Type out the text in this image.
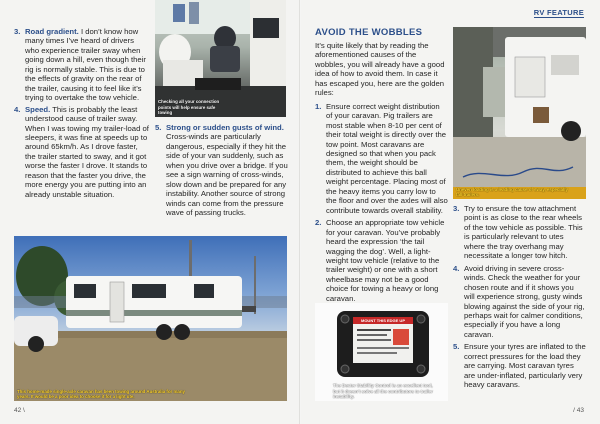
3. Road gradient. I don’t know how many times I’ve heard of drivers who experience trailer sway when going down a hill, even though their rig is normally stable. This is due to the effects of gravity on the rear of the trailer, causing it to feel like it’s trying to overtake the tow vehicle.
4. Speed. This is probably the least understood cause of trailer sway. When I was towing my trailer-load of sleepers, it was fine at speeds up to around 65km/h. As I drove faster, the trailer started to sway, and it got worse the faster I drove. It stands to reason that the faster you drive, the more energy you are putting into an already unstable situation.
Checking all your connection points will help ensure safe towing
5. Strong or sudden gusts of wind. Cross-winds are particularly dangerous, especially if they hit the side of your van suddenly, such as when you drive over a bridge. If you see a sign warning of cross-winds, slow down and be prepared for any instability. Another source of strong winds can come from the pressure wave of passing trucks.
This home-made single-axle caravan has been towing around Australia for many years. It would be a poor idea to choose it for a light ute.
42 \
RV FEATURE
AVOID THE WOBBLES
It’s quite likely that by reading the aforementioned causes of the wobbles, you will already have a good idea of how to avoid them. In case it has escaped you, here are the golden rules:
1. Ensure correct weight distribution of your caravan. Pig trailers are most stable when 8-10 per cent of their total weight is directly over the tow point. Most caravans are designed so that when you pack them, the weight should be distributed to achieve this ball weight percentage. Placing most of the heavy items you carry low to the floor and over the axles will also contribute towards overall stability.
2. Choose an appropriate tow vehicle for your caravan. You’ve probably heard the expression ‘the tail wagging the dog’. Well, a light-weight tow vehicle (relative to the trailer weight) or one with a short wheelbase may not be a good choice for towing a heavy or long caravan.
MOUNT THIS EDGE UP
The Dexter Stability Control is an excellent tool, but it doesn’t solve all the contributors to trailer instability.
Uneven loading is a leading cause of sway, especially tall trailers.
3. Try to ensure the tow attachment point is as close to the rear wheels of the tow vehicle as possible. This is particularly relevant to utes where the tray overhang may necessitate a longer tow hitch.
4. Avoid driving in severe cross-winds. Check the weather for your chosen route and if it shows you will experience strong, gusty winds blowing against the side of your rig, perhaps wait for calmer conditions, especially if you have a long caravan.
5. Ensure your tyres are inflated to the correct pressures for the load they are carrying. Most caravan tyres are under-inflated, particularly very heavy caravans.
/ 43
